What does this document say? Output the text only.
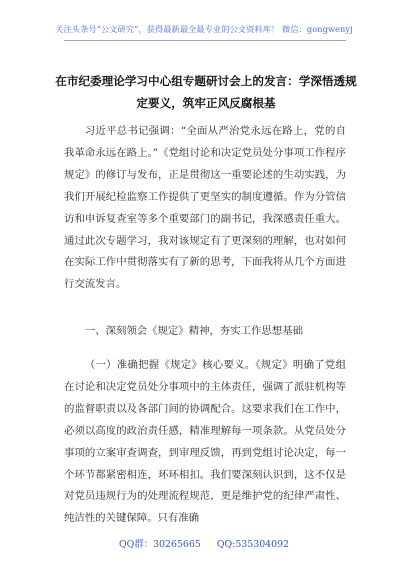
关注头条号“公文研究”，获得最新最全最专业的公文资料库！ 微信：gongwenyj
在市纪委理论学习中心组专题研讨会上的发言：学深悟透规定要义，筑牢正风反腐根基

习近平总书记强调：“全面从严治党永远在路上，党的自我革命永远在路上。”《党组讨论和决定党员处分事项工作程序规定》的修订与发布，正是贯彻这一重要论述的生动实践，为我们开展纪检监察工作提供了更坚实的制度遵循。作为分管信访和申诉复查室等多个重要部门的副书记，我深感责任重大。通过此次专题学习，我对该规定有了更深刻的理解，也对如何在实际工作中贯彻落实有了新的思考，下面我将从几个方面进行交流发言。

一、深刻领会《规定》精神，夯实工作思想基础

（一）准确把握《规定》核心要义。《规定》明确了党组在讨论和决定党员处分事项中的主体责任，强调了派驻机构等的监督职责以及各部门间的协调配合。这要求我们在工作中，必须以高度的政治责任感，精准理解每一项条款。从党员处分事项的立案审查调查，到审理反馈，再到党组讨论决定，每一个环节都紧密相连，环环相扣。我们要深刻认识到，这不仅是对党员违规行为的处理流程规范，更是维护党的纪律严肃性、纯洁性的关键保障。只有准确

QQ群：30265665 QQ:535304092
